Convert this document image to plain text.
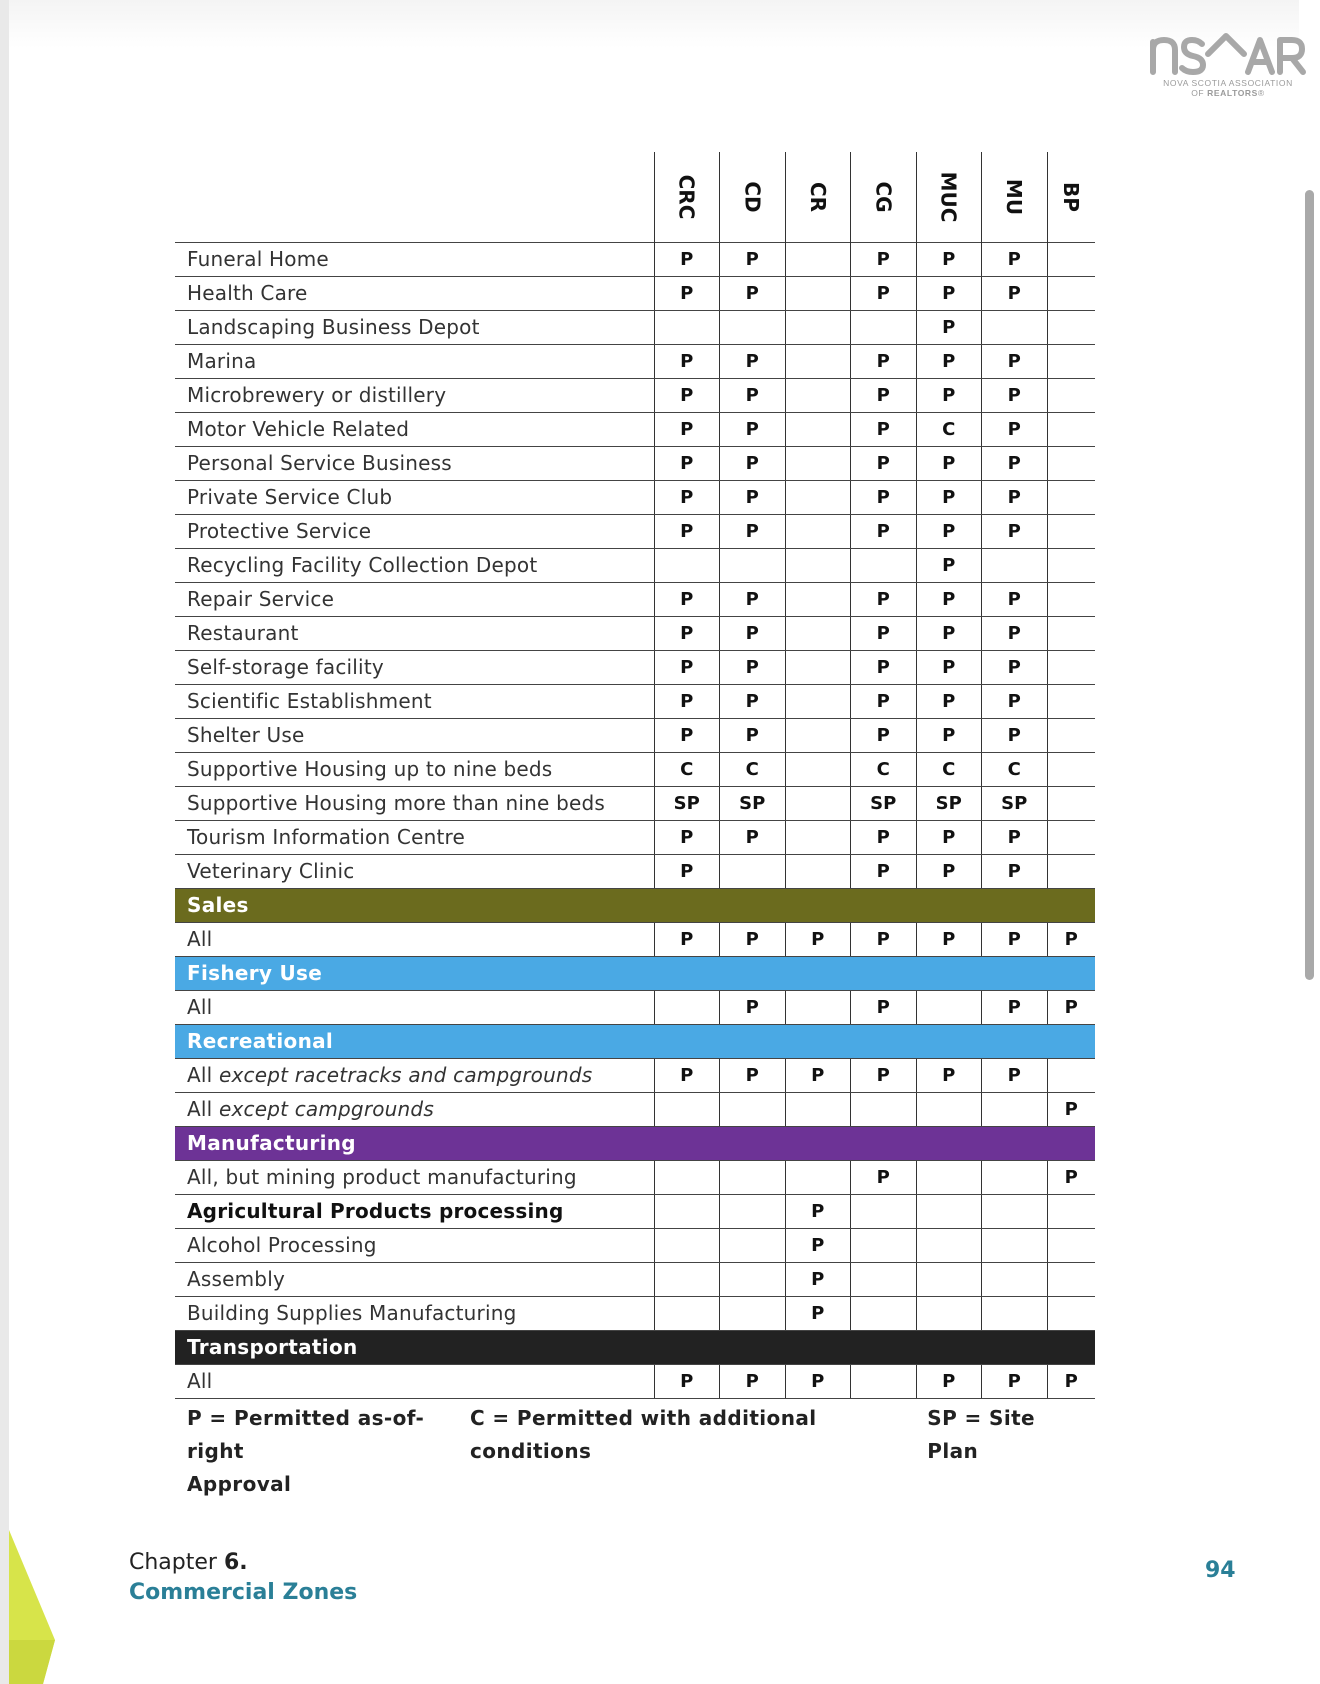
NOVA SCOTIA ASSOCIATION
OF REALTORS®
	CRC	CD	CR	CG	MUC	MU	BP
Funeral Home	P	P		P	P	P	
Health Care	P	P		P	P	P	
Landscaping Business Depot					P		
Marina	P	P		P	P	P	
Microbrewery or distillery	P	P		P	P	P	
Motor Vehicle Related	P	P		P	C	P	
Personal Service Business	P	P		P	P	P	
Private Service Club	P	P		P	P	P	
Protective Service	P	P		P	P	P	
Recycling Facility Collection Depot					P		
Repair Service	P	P		P	P	P	
Restaurant	P	P		P	P	P	
Self-storage facility	P	P		P	P	P	
Scientific Establishment	P	P		P	P	P	
Shelter Use	P	P		P	P	P	
Supportive Housing up to nine beds	C	C		C	C	C	
Supportive Housing more than nine beds	SP	SP		SP	SP	SP	
Tourism Information Centre	P	P		P	P	P	
Veterinary Clinic	P			P	P	P	
Sales							
All	P	P	P	P	P	P	P
Fishery Use							
All		P		P		P	P
Recreational							
All except racetracks and campgrounds	P	P	P	P	P	P	
All except campgrounds							P
Manufacturing							
All, but mining product manufacturing				P			P
Agricultural Products processing			P				
Alcohol Processing			P				
Assembly			P				
Building Supplies Manufacturing			P				
Transportation							
All	P	P	P		P	P	P
P = Permitted as-of-right
C = Permitted with additional conditions
SP = Site Plan
Approval
Chapter 6.
Commercial Zones
94
